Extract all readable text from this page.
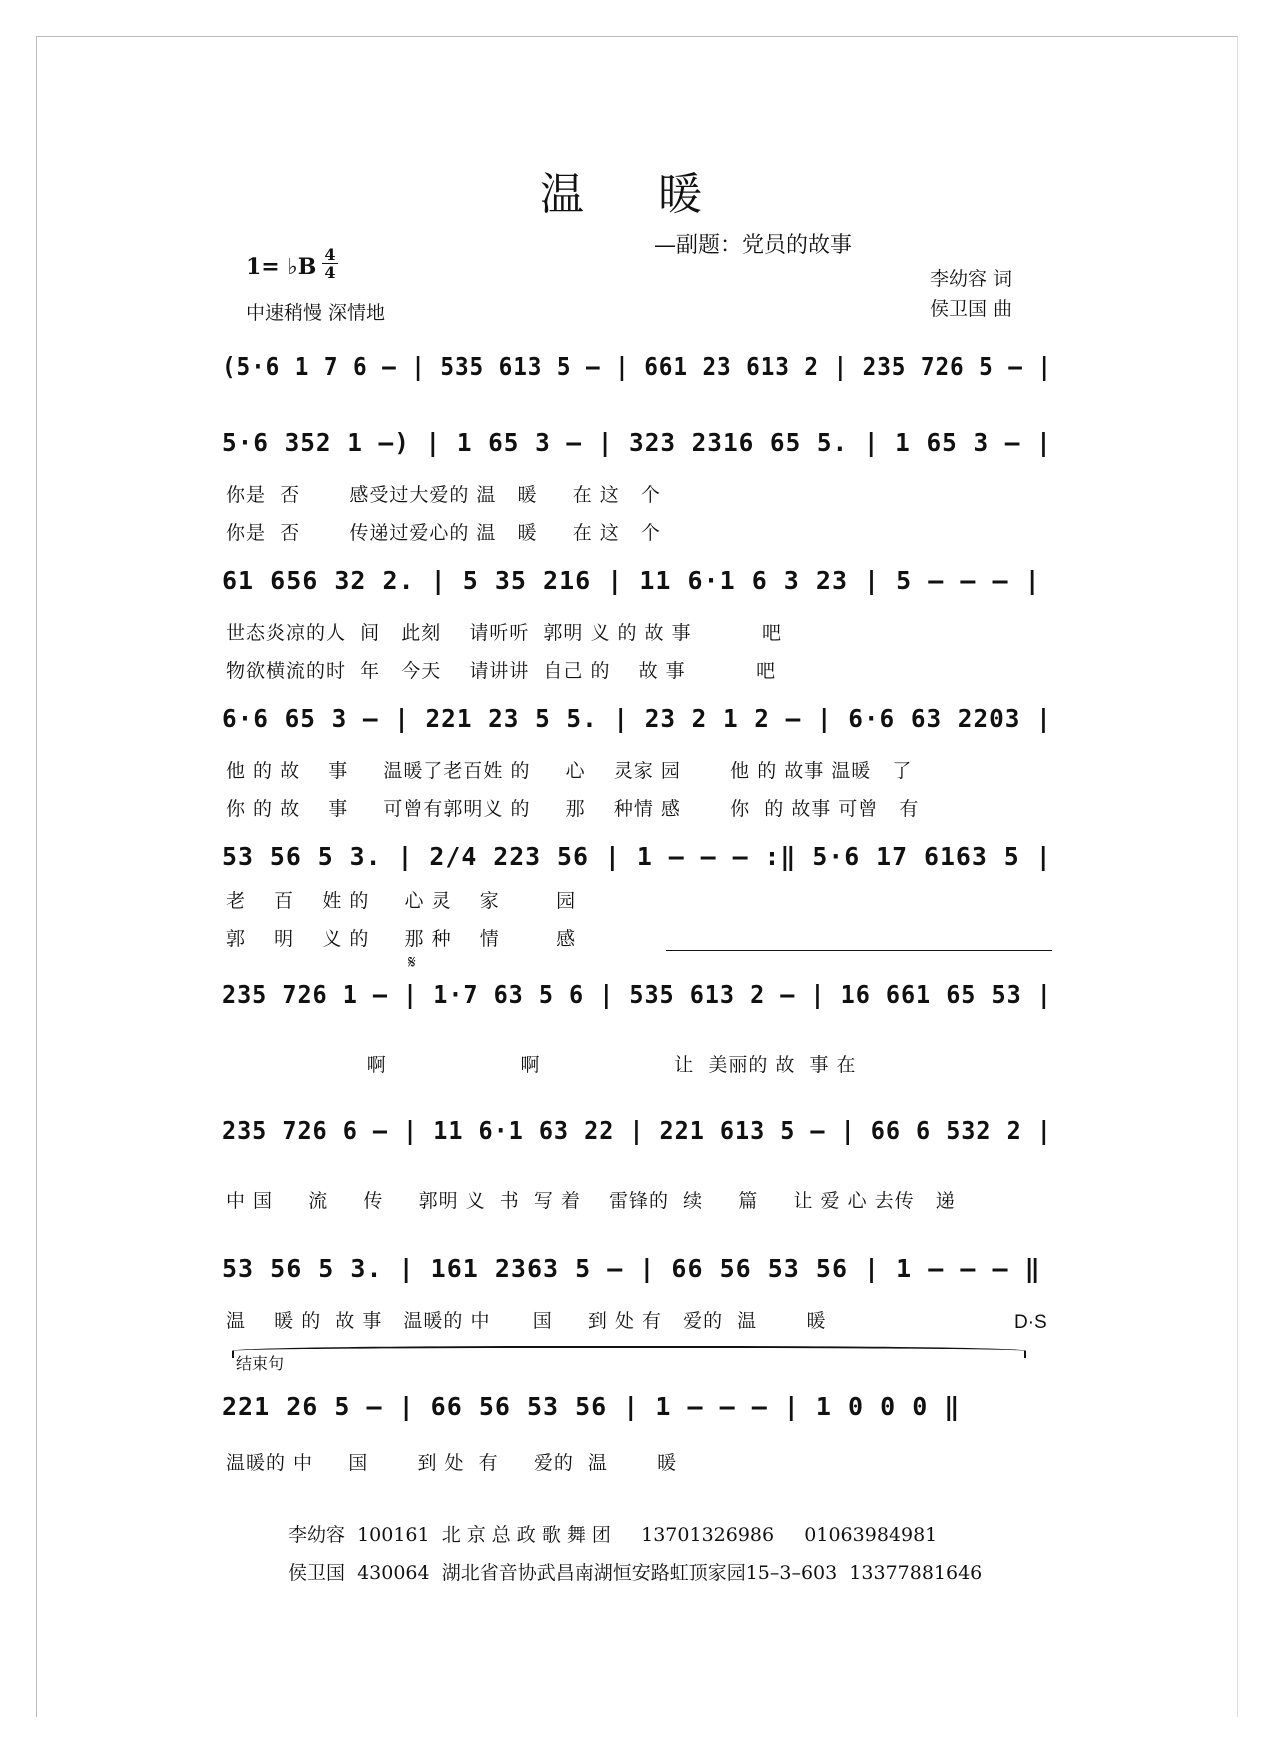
温 暖
—副题：党员的故事
1= ♭B 4
4
中速稍慢 深情地
李幼容 词
侯卫国 曲
(5·6 1 7 6 – | 535 613 5 – | 661 23 613 2 | 235 726 5 – |
5·6 352 1 –) | 1 65 3 – | 323 2316 65 5. | 1 65 3 – |
你是  否       感受过大爱的 温   暖     在 这   个
你是  否       传递过爱心的 温   暖     在 这   个
61 656 32 2. | 5 35 216 | 11 6·1 6 3 23 | 5 – – – |
世态炎凉的人  间   此刻    请听听  郭明 义 的 故 事          吧
物欲横流的时  年   今天    请讲讲  自己 的    故 事          吧
6·6 65 3 – | 221 23 5 5. | 23 2 1 2 – | 6·6 63 2203 |
他 的 故    事     温暖了老百姓 的     心    灵家 园       他 的 故事 温暖   了
你 的 故    事     可曾有郭明义 的     那    种情 感       你  的 故事 可曾   有
53 56 5 3. | 2/4 223 56 | 1 – – – :‖ 5·6 17 6163 5 |
老    百    姓 的     心 灵    家        园
郭    明    义 的     那 种    情        感
𝄋
235 726 1 – | 1·7 63 5 6 | 535 613 2 – | 16 661 65 53 |
啊                   啊                   让  美丽的 故  事 在
235 726 6 – | 11 6·1 63 22 | 221 613 5 – | 66 6 532 2 |
中 国     流     传     郭明 义  书  写 着    雷锋的  续     篇     让 爱 心 去传   递
53 56 5 3. | 161 2363 5 – | 66 56 53 56 | 1 – – – ‖
温    暖 的  故 事   温暖的 中      国     到 处 有   爱的  温       暖	D·S
结束句
221 26 5 – | 66 56 53 56 | 1 – – – | 1 0 0 0 ‖
温暖的 中     国       到 处  有     爱的  温       暖
李幼容  100161  北 京 总 政 歌 舞 团     13701326986     01063984981
侯卫国  430064  湖北省音协武昌南湖恒安路虹顶家园15–3–603  13377881646
